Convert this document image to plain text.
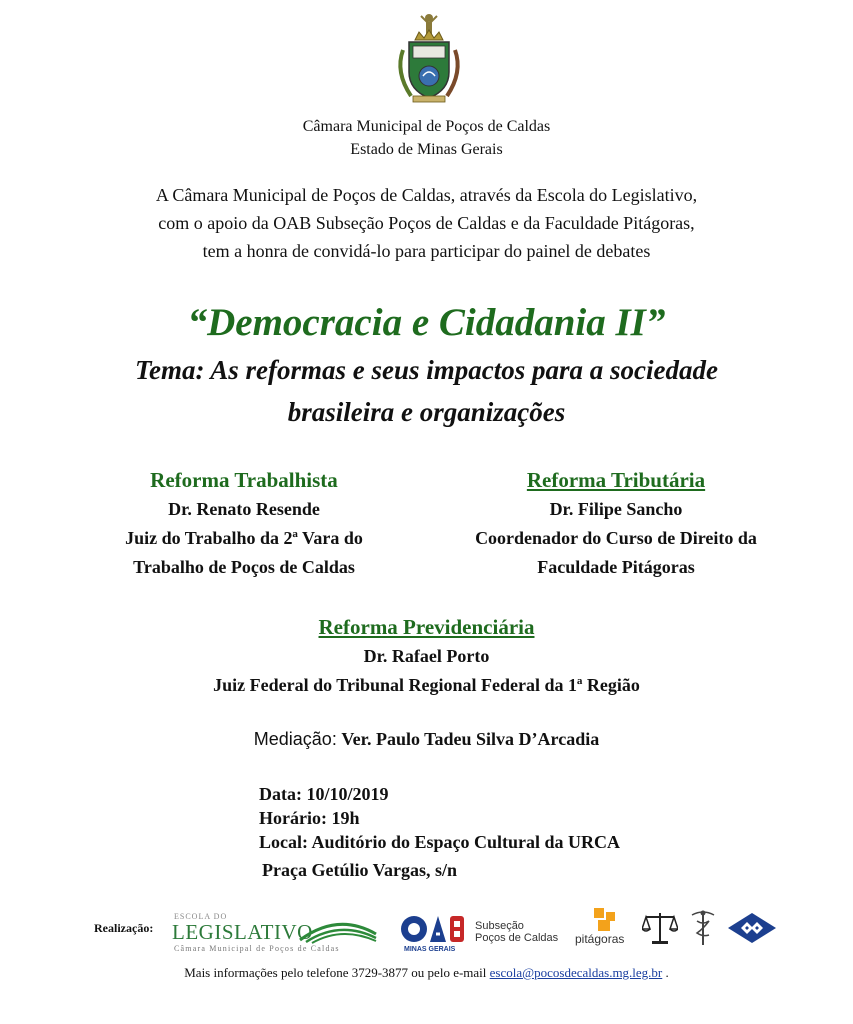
Câmara Municipal de Poços de Caldas
Estado de Minas Gerais
A Câmara Municipal de Poços de Caldas, através da Escola do Legislativo,
com o apoio da OAB Subseção Poços de Caldas e da Faculdade Pitágoras,
tem a honra de convidá-lo para participar do painel de debates
“Democracia e Cidadania II”
Tema: As reformas e seus impactos para a sociedade
brasileira e organizações
Reforma Trabalhista
Dr. Renato Resende
Juiz do Trabalho da 2ª Vara do
Trabalho de Poços de Caldas
Reforma Tributária
Dr. Filipe Sancho
Coordenador do Curso de Direito da
Faculdade Pitágoras
Reforma Previdenciária
Dr. Rafael Porto
Juiz Federal do Tribunal Regional Federal da 1ª Região
Mediação: Ver. Paulo Tadeu Silva D’Arcadia
Data: 10/10/2019
Horário: 19h
Local: Auditório do Espaço Cultural da URCA
Praça Getúlio Vargas, s/n
Realização:
ESCOLA DO
LEGISLATIVO
Câmara Municipal de Poços de Caldas	MINAS GERAIS
Subseção
Poços de Caldas pitágoras
Mais informações pelo telefone 3729-3877 ou pelo e-mail escola@pocosdecaldas.mg.leg.br .
